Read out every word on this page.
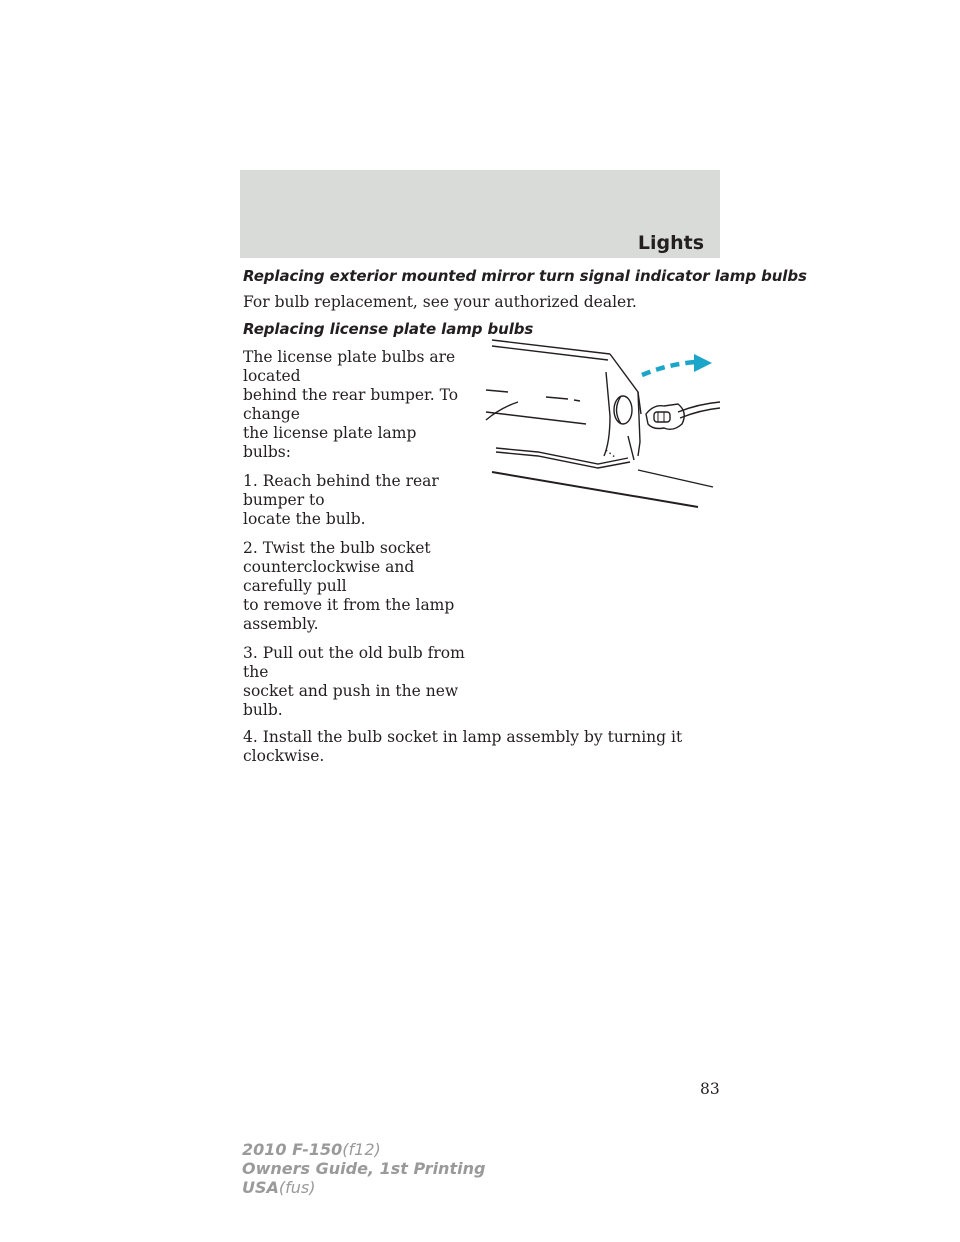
Lights

Replacing exterior mounted mirror turn signal indicator lamp bulbs

For bulb replacement, see your authorized dealer.

Replacing license plate lamp bulbs

The license plate bulbs are located
behind the rear bumper. To change
the license plate lamp bulbs:

1. Reach behind the rear bumper to
locate the bulb.

2. Twist the bulb socket
counterclockwise and carefully pull
to remove it from the lamp
assembly.

3. Pull out the old bulb from the
socket and push in the new bulb.

4. Install the bulb socket in lamp assembly by turning it clockwise.

83
2010 F-150(f12)
Owners Guide, 1st Printing
USA(fus)
